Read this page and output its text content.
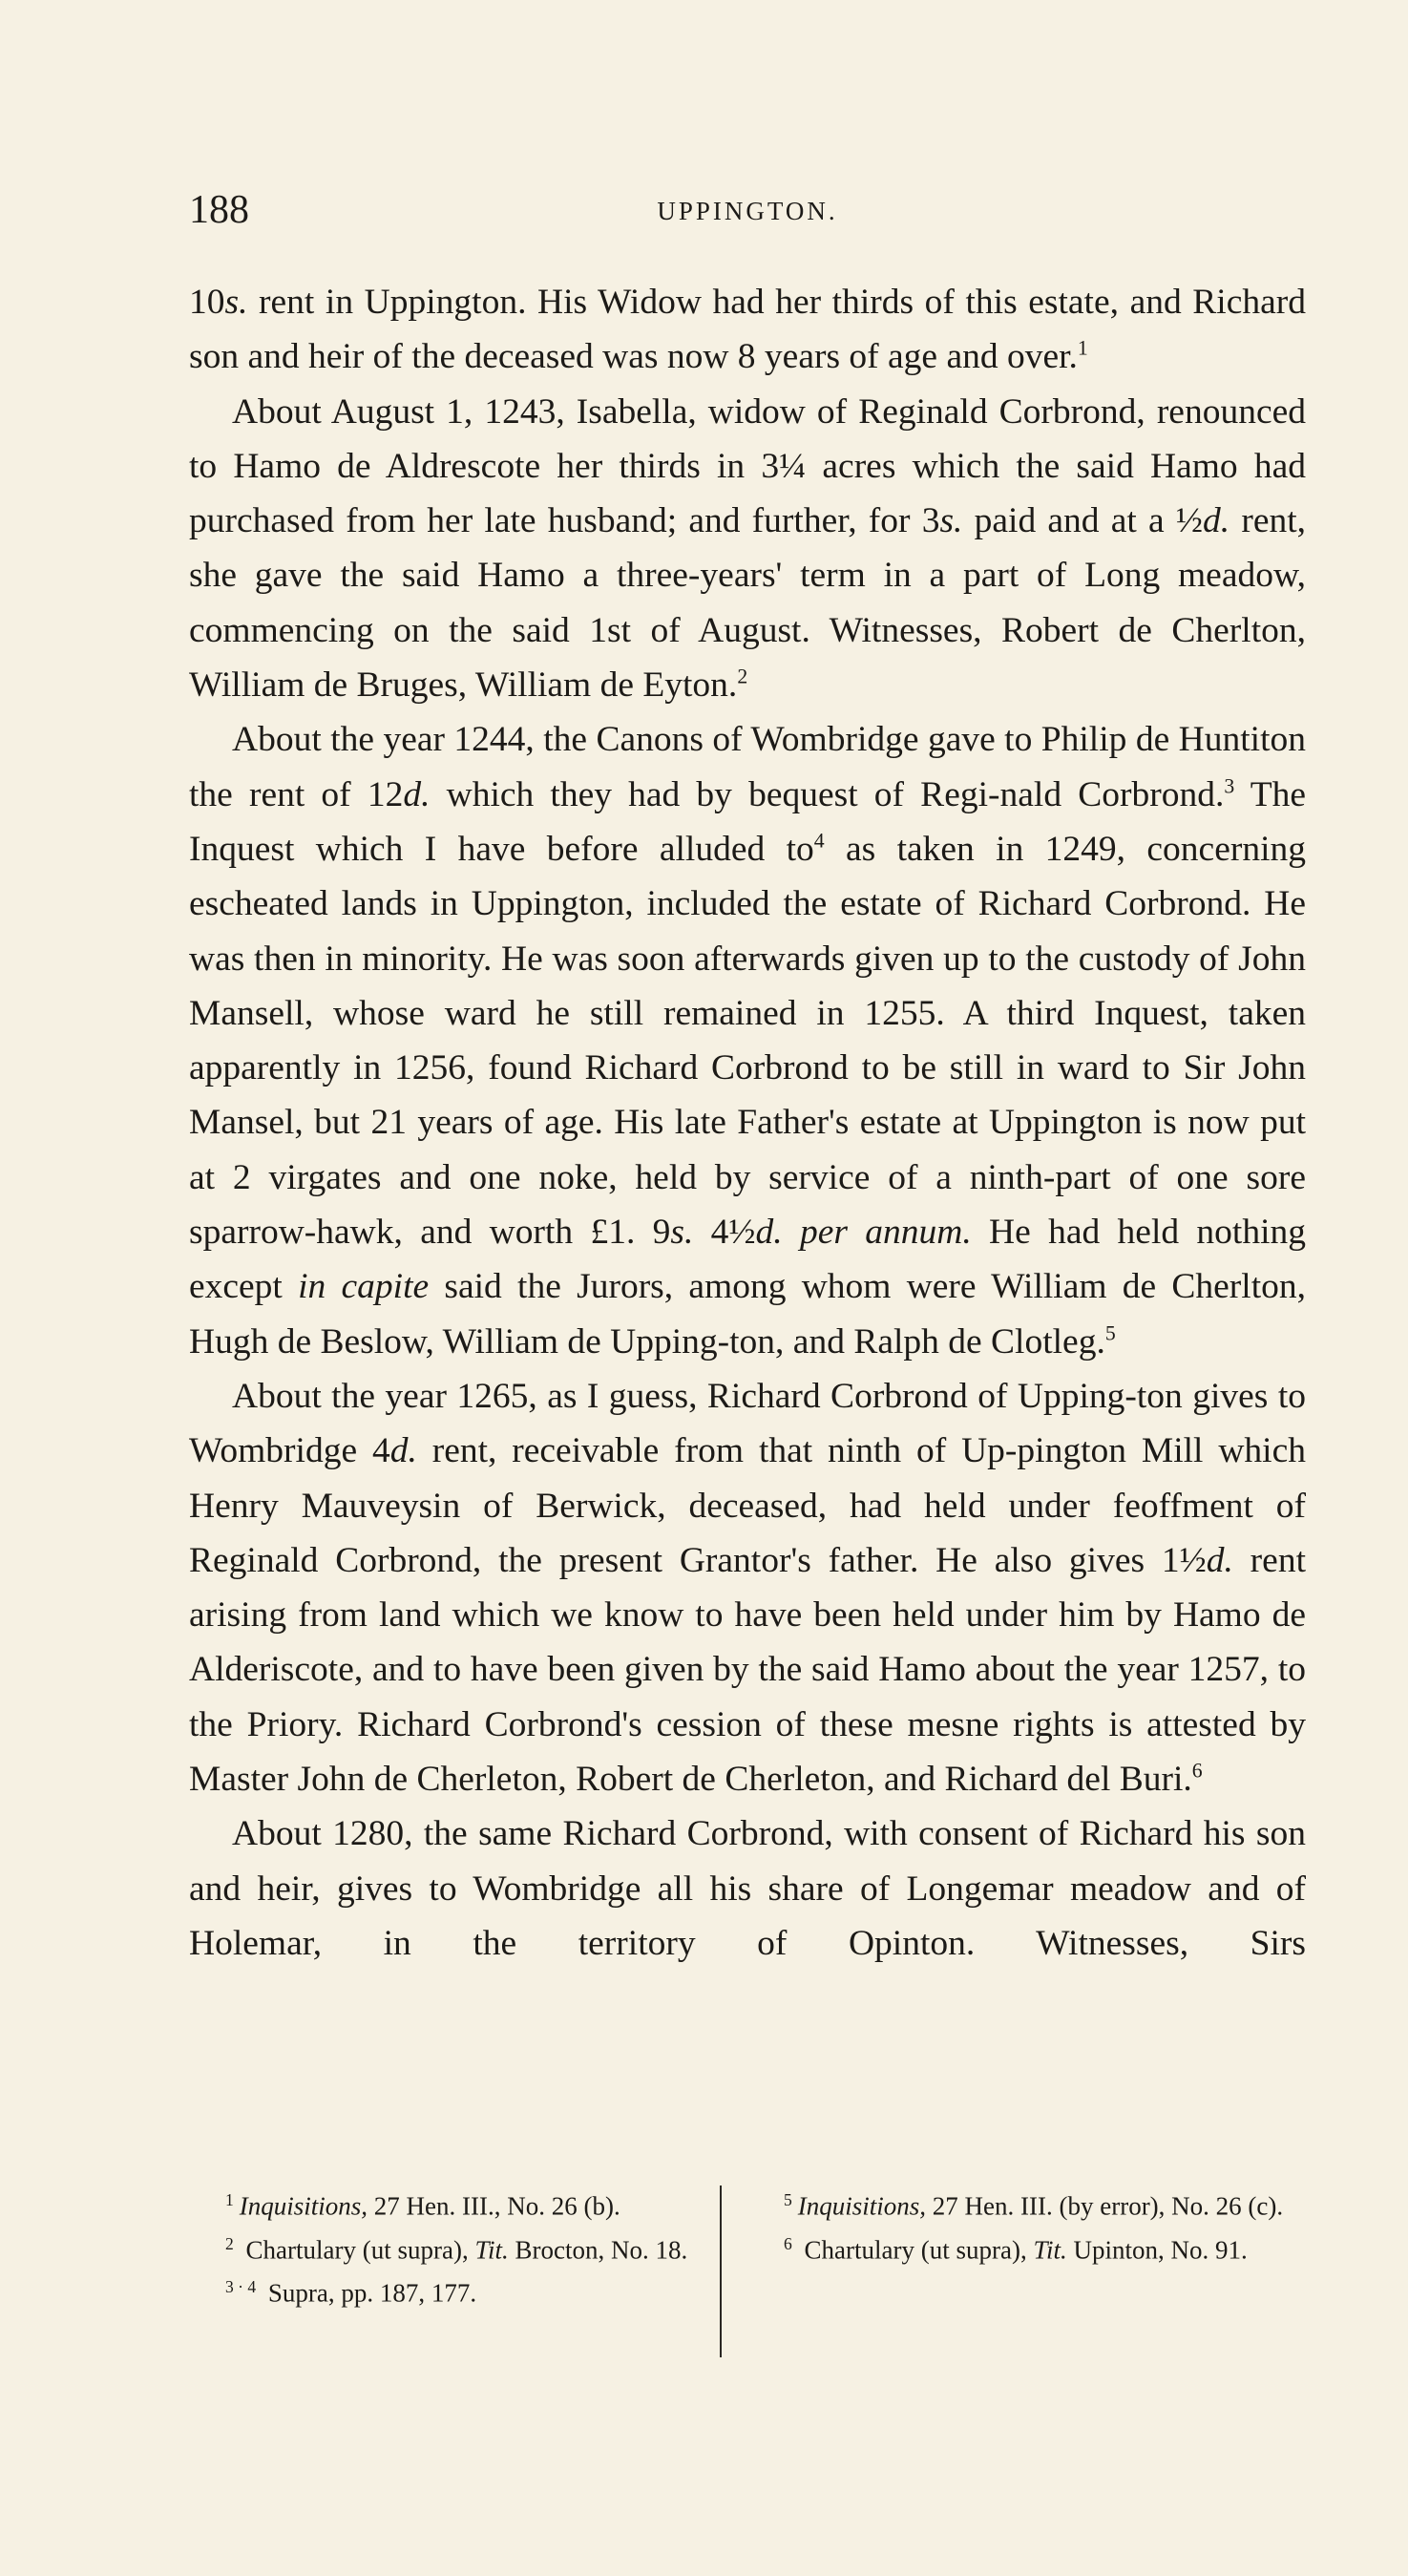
188	UPPINGTON.

10s. rent in Uppington. His Widow had her thirds of this estate, and Richard son and heir of the deceased was now 8 years of age and over.$^1$

About August 1, 1243, Isabella, widow of Reginald Corbrond, renounced to Hamo de Aldrescote her thirds in 3¼ acres which the said Hamo had purchased from her late husband; and further, for 3s. paid and at a ½d. rent, she gave the said Hamo a three-years' term in a part of Long meadow, commencing on the said 1st of August. Witnesses, Robert de Cherlton, William de Bruges, William de Eyton.$^2$

About the year 1244, the Canons of Wombridge gave to Philip de Huntiton the rent of 12d. which they had by bequest of Regi-nald Corbrond.$^3$ The Inquest which I have before alluded $to^4$ as taken in 1249, concerning escheated lands in Uppington, included the estate of Richard Corbrond. He was then in minority. He was soon afterwards given up to the custody of John Mansell, whose ward he still remained in 1255. A third Inquest, taken apparently in 1256, found Richard Corbrond to be still in ward to Sir John Mansel, but 21 years of age. His late Father's estate at Uppington is now put at 2 virgates and one noke, held by service of a ninth-part of one sore sparrow-hawk, and worth £1. 9s. 4½d. per annum. He had held nothing except in capite said the Jurors, among whom were William de Cherlton, Hugh de Beslow, William de Upping-ton, and Ralph de Clotleg.$^5$

About the year 1265, as I guess, Richard Corbrond of Upping-ton gives to Wombridge 4d. rent, receivable from that ninth of Up-pington Mill which Henry Mauveysin of Berwick, deceased, had held under feoffment of Reginald Corbrond, the present Grantor's father. He also gives 1½d. rent arising from land which we know to have been held under him by Hamo de Alderiscote, and to have been given by the said Hamo about the year 1257, to the Priory. Richard Corbrond's cession of these mesne rights is attested by Master John de Cherleton, Robert de Cherleton, and Richard del Buri.$^6$

About 1280, the same Richard Corbrond, with consent of Richard his son and heir, gives to Wombridge all his share of Longemar meadow and of Holemar, in the territory of Opinton. Witnesses, Sirs

$^1$ Inquisitions, 27 Hen. III., No. 26 (b).

$^2$ Chartulary (ut supra), Tit. Brocton, No. 18.

$^{3 \cdot 4}$ Supra, pp. 187, 177.

$^5$ Inquisitions, 27 Hen. III. (by error), No. 26 (c).

$^6$ Chartulary (ut supra), Tit. Upinton, No. 91.
